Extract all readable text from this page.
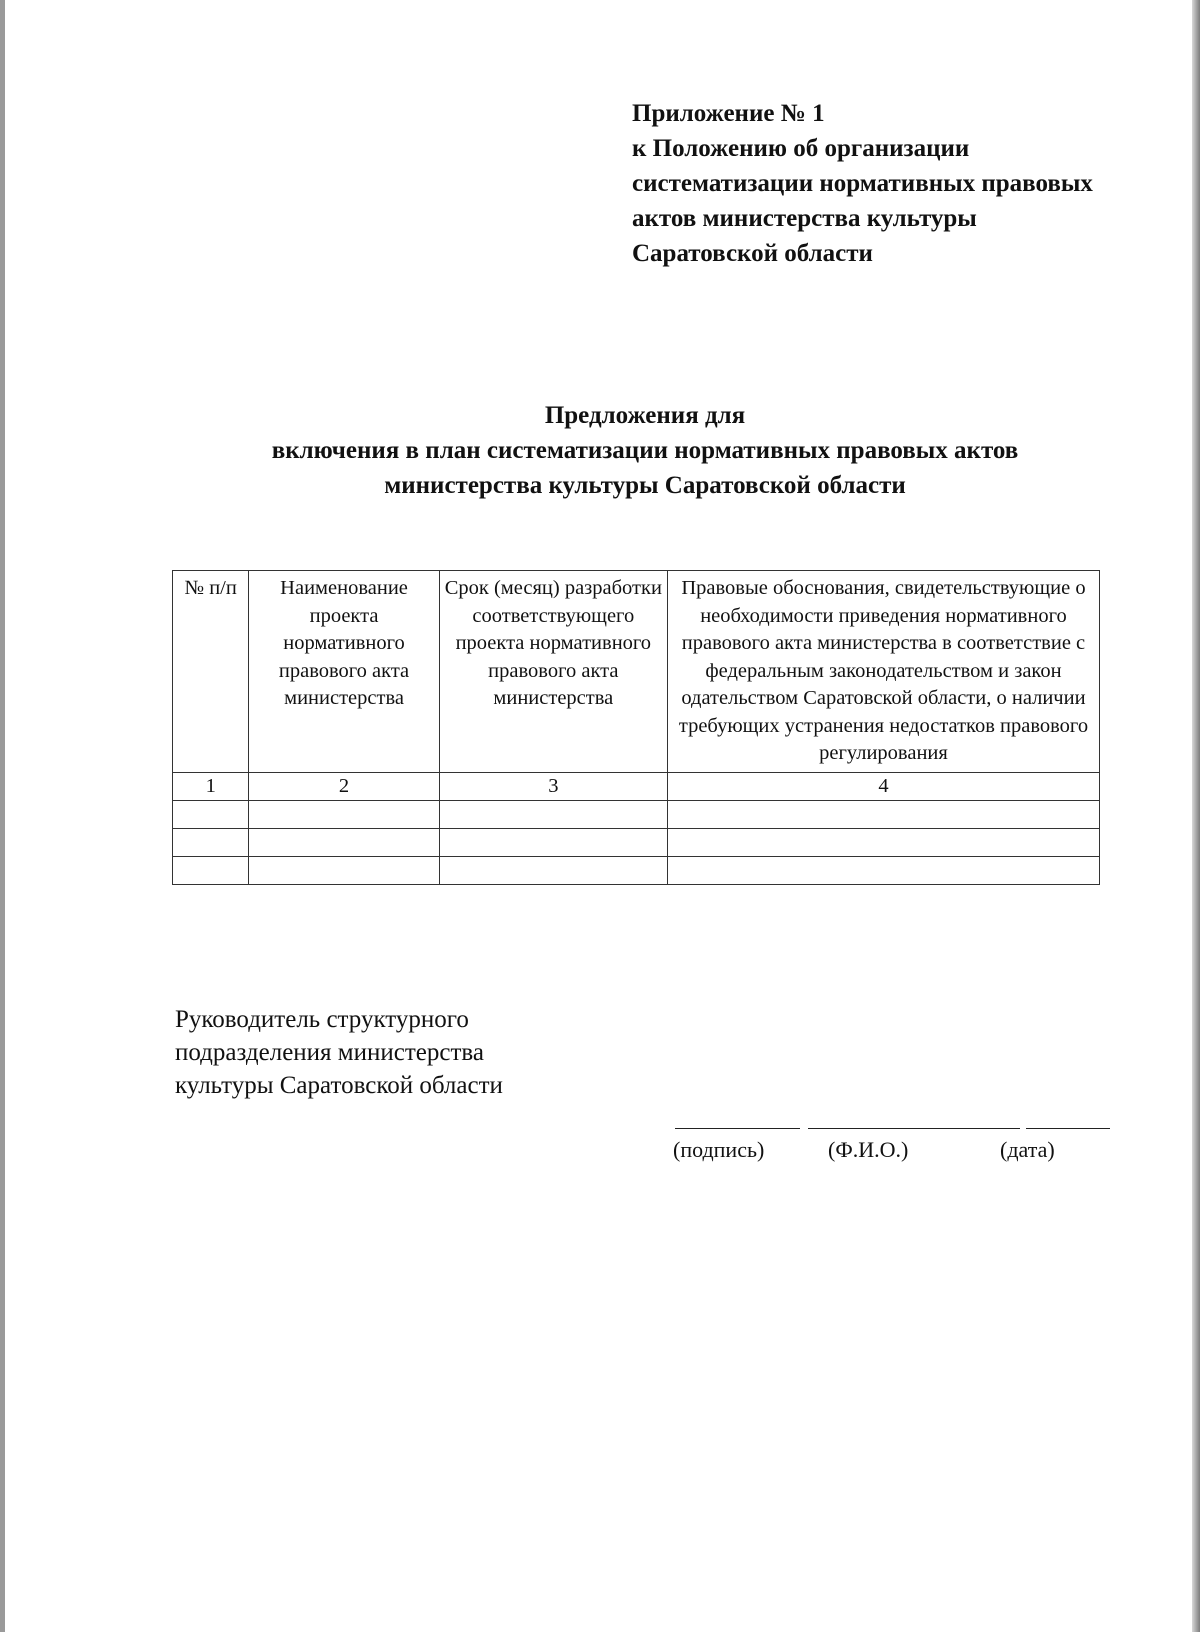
Приложение № 1
к Положению об организации
систематизации нормативных правовых
актов министерства культуры
Саратовской области
Предложения для
включения в план систематизации нормативных правовых актов
министерства культуры Саратовской области
№ п/п	Наименование проекта нормативного правового акта министерства	Срок (месяц) разработки соответствующего проекта нормативного правового акта министерства	Правовые обоснования, свидетельствующие о необходимости приведения нормативного правового акта министерства в соответствие с федеральным законодательством и закон одательством Саратовской области, о наличии требующих устранения недостатков правового регулирования
1	2	3	4

Руководитель структурного
подразделения министерства
культуры Саратовской области
(подпись)	(Ф.И.О.)	(дата)
